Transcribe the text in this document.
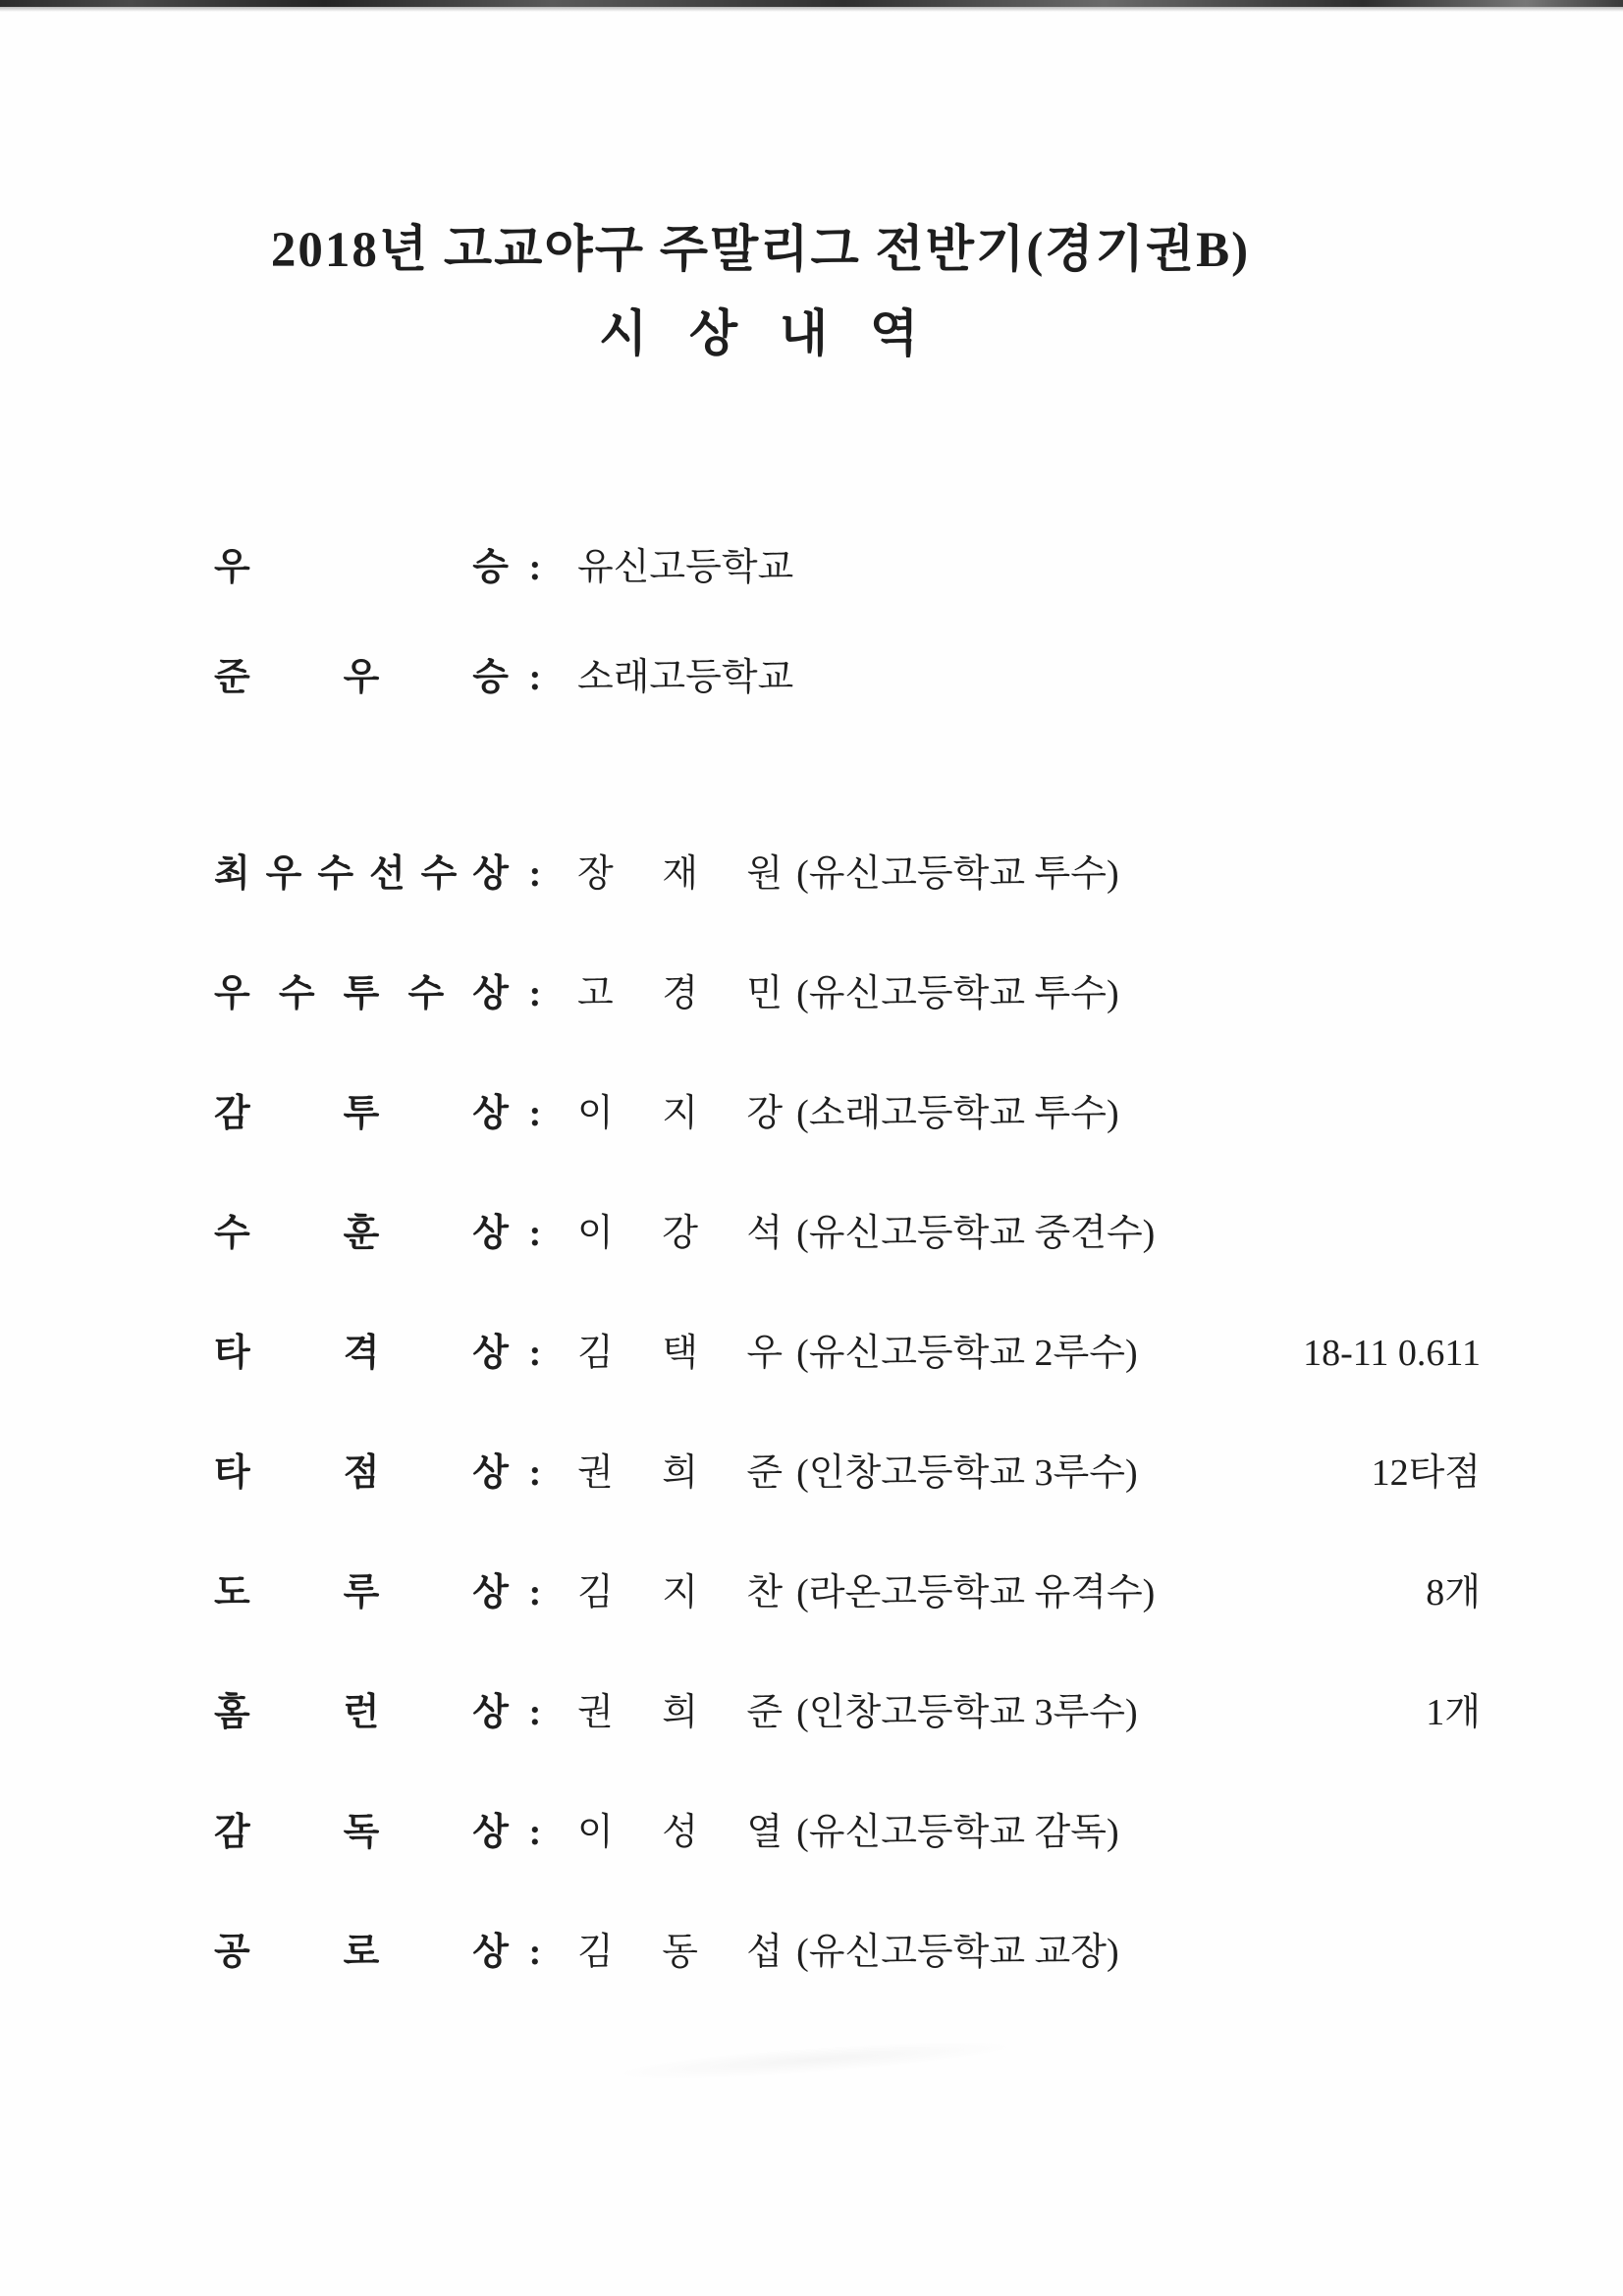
2018년 고교야구 주말리그 전반기(경기권B)
시 상 내 역
우	승 : 유신고등학교
준 우 승 : 소래고등학교
최 우 수 선 수 상 : 장 재 원 (유신고등학교 투수)
우 수 투 수 상 : 고 경 민 (유신고등학교 투수)
감 투 상 : 이 지 강 (소래고등학교 투수)
수 훈 상 : 이 강 석 (유신고등학교 중견수)
타 격 상 : 김 택 우 (유신고등학교 2루수)	18-11 0.611
타 점 상 : 권 희 준 (인창고등학교 3루수)	12타점
도 루 상 : 김 지 찬 (라온고등학교 유격수)	8개
홈 런 상 : 권 희 준 (인창고등학교 3루수)	1개
감 독 상 : 이 성 열 (유신고등학교 감독)
공 로 상 : 김 동 섭 (유신고등학교 교장)
